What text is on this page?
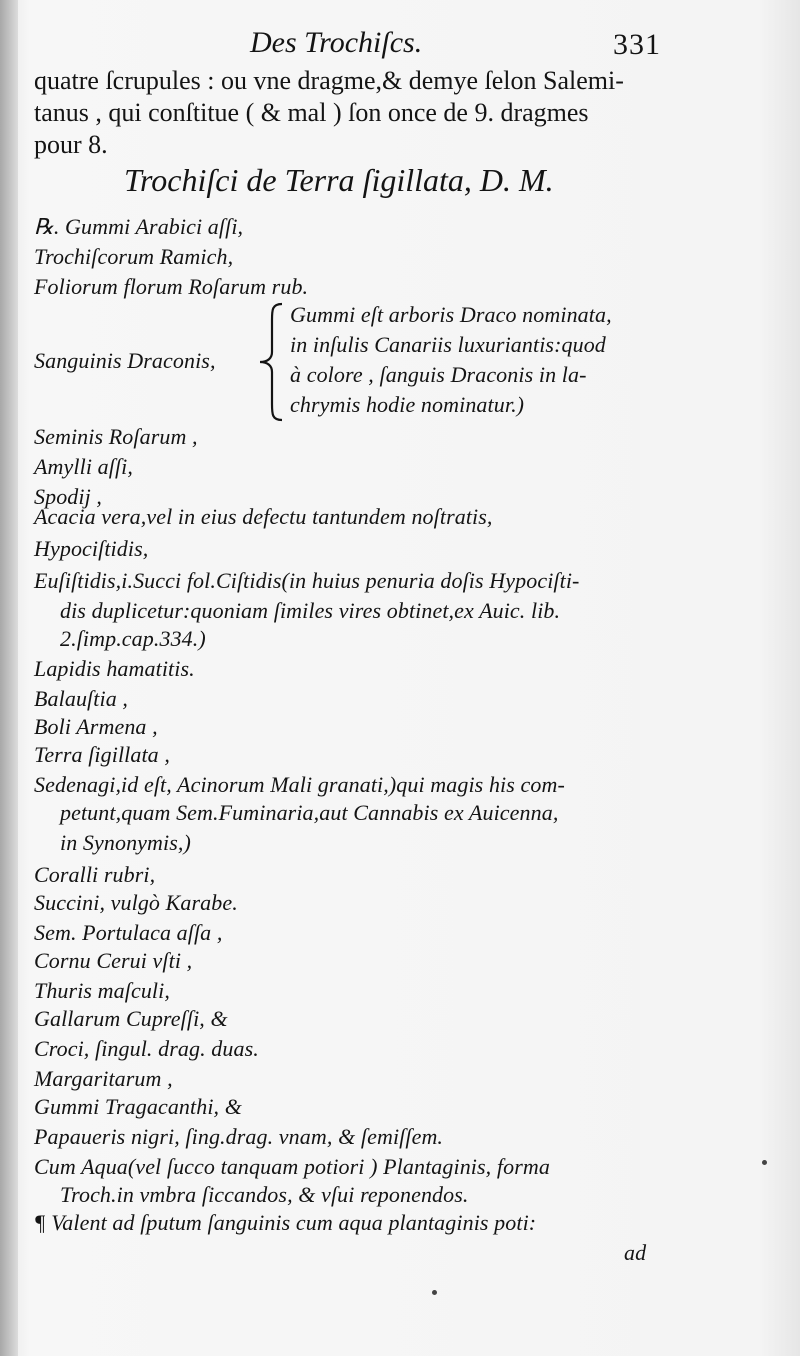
Des Trochiſcs.	331
quatre ſcrupules : ou vne dragme,& demye ſelon Salemi-
tanus , qui conſtitue ( & mal ) ſon once de 9. dragmes
pour 8.
Trochiſci de Terra ſigillata, D. M.
℞. Gummi Arabici aſſi,
Trochiſcorum Ramich,
Foliorum florum Roſarum rub.
Sanguinis Draconis,
Gummi eſt arboris Draco nominata,
in inſulis Canariis luxuriantis:quod
à colore , ſanguis Draconis in la-
chrymis hodie nominatur.)
Seminis Roſarum ,
Amylli aſſi,
Spodij ,
Acacia vera,vel in eius defectu tantundem noſtratis,
Hypociſtidis,
Euſiſtidis,i.Succi fol.Ciſtidis(in huius penuria doſis Hypociſti-
dis duplicetur:quoniam ſimiles vires obtinet,ex Auic. lib.
2.ſimp.cap.334.)
Lapidis hamatitis.
Balauſtia ,
Boli Armena ,
Terra ſigillata ,
Sedenagi,id eſt, Acinorum Mali granati,)qui magis his com-
petunt,quam Sem.Fuminaria,aut Cannabis ex Auicenna,
in Synonymis,)
Coralli rubri,
Succini, vulgò Karabe.
Sem. Portulaca aſſa ,
Cornu Cerui vſti ,
Thuris maſculi,
Gallarum Cupreſſi, &
Croci, ſingul. drag. duas.
Margaritarum ,
Gummi Tragacanthi, &
Papaueris nigri, ſing.drag. vnam, & ſemiſſem.
Cum Aqua(vel ſucco tanquam potiori ) Plantaginis, forma
Troch.in vmbra ſiccandos, & vſui reponendos.
¶ Valent ad ſputum ſanguinis cum aqua plantaginis poti:
ad
